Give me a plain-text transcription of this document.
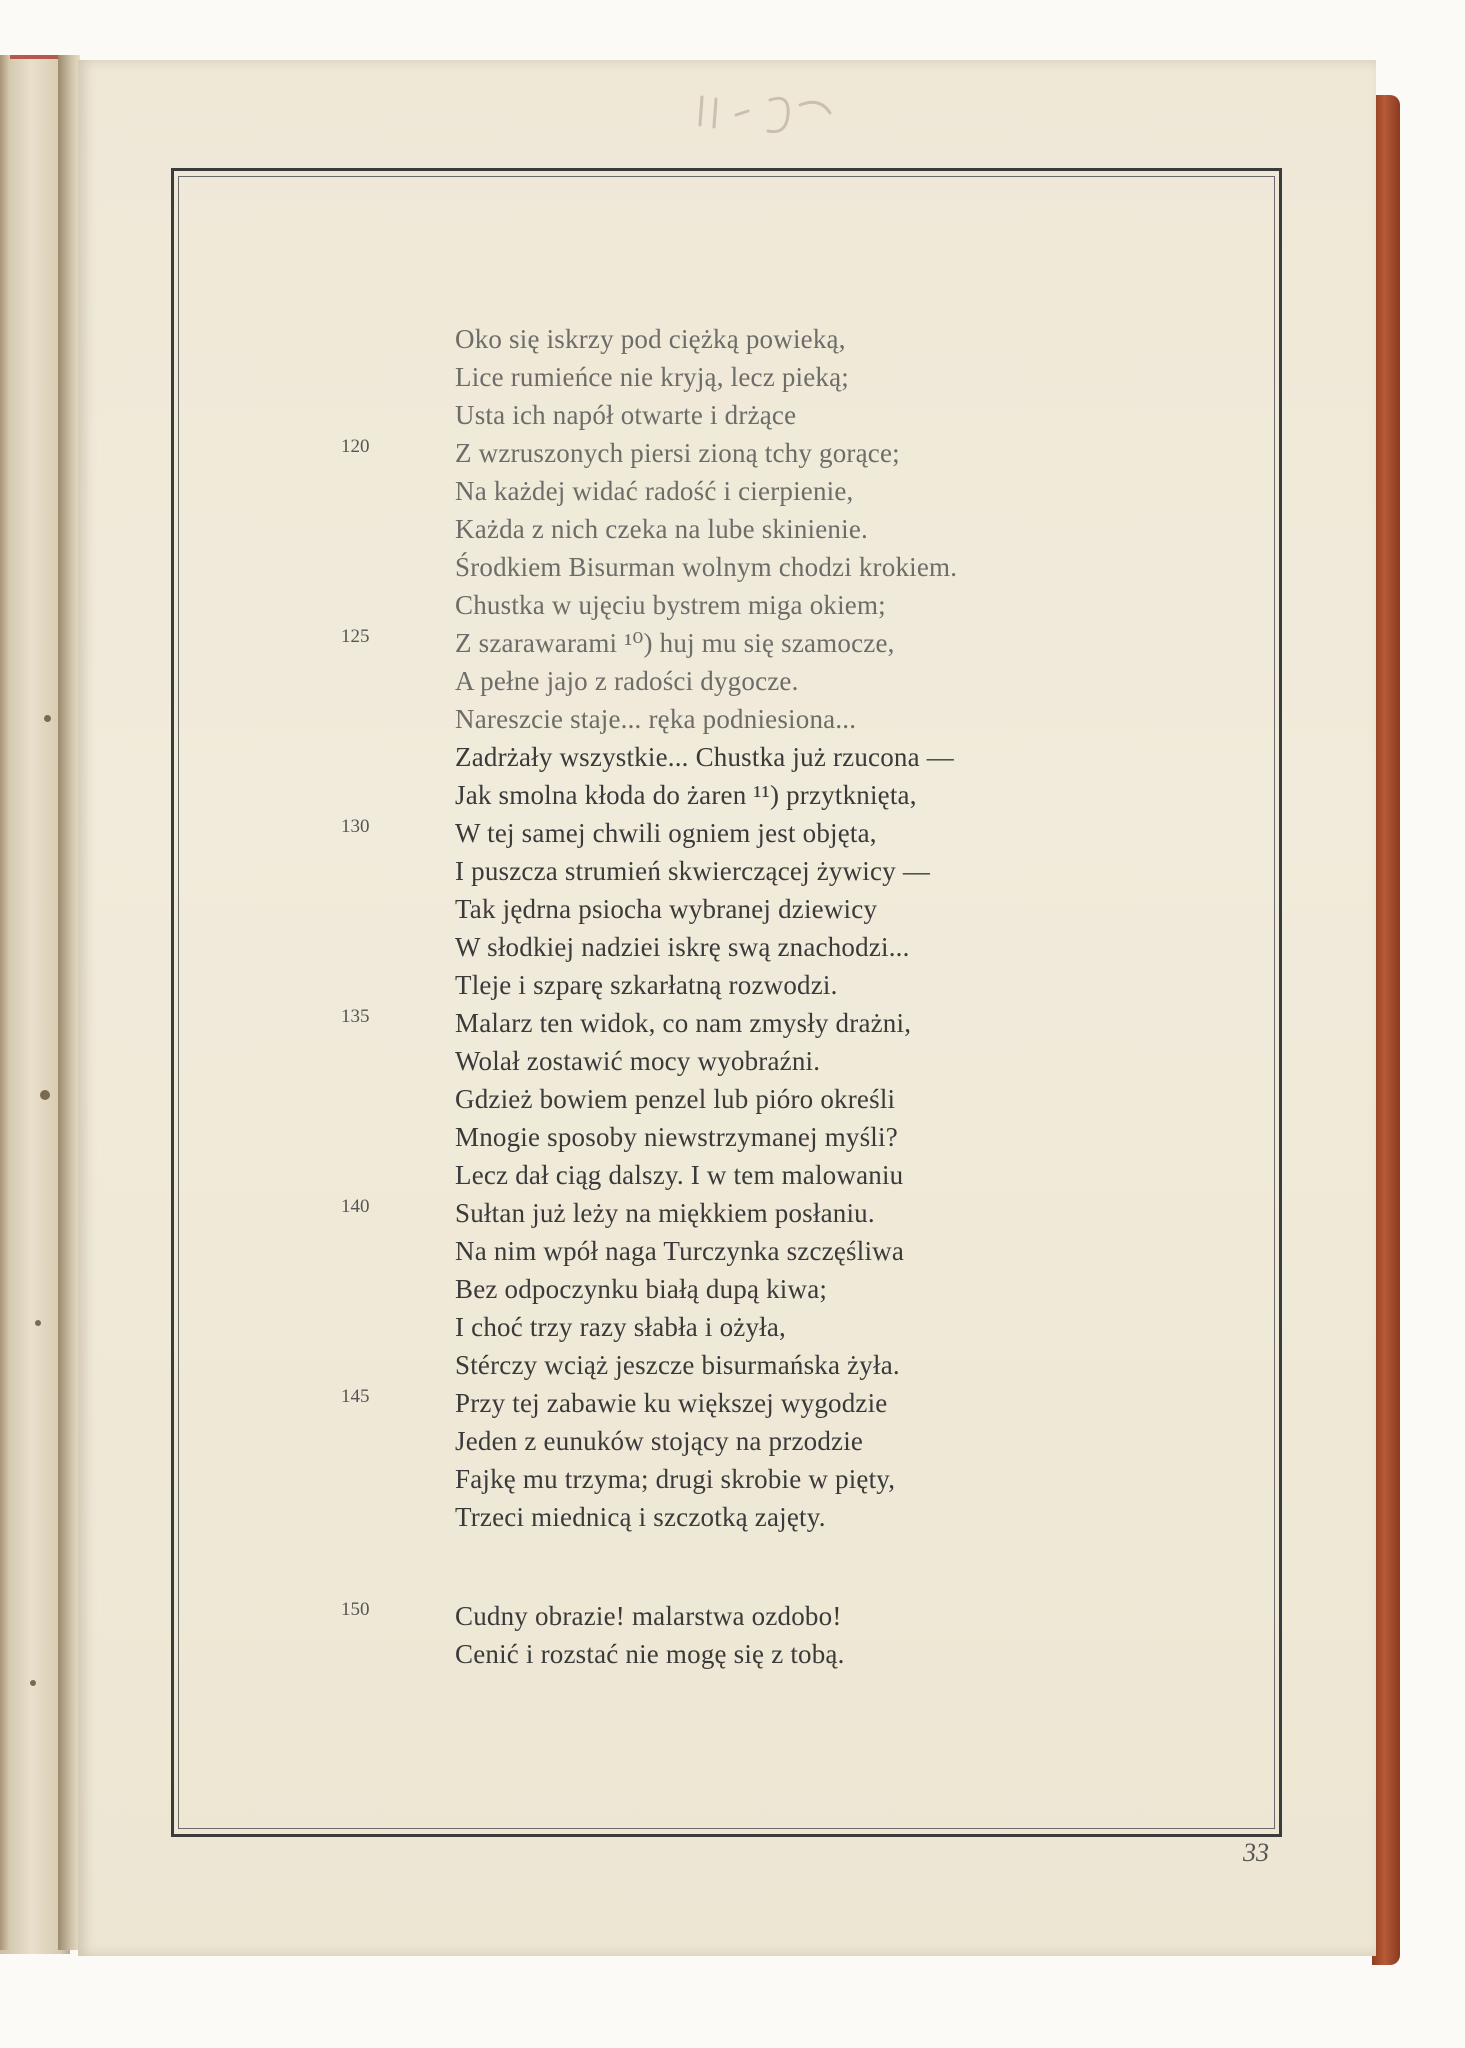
Oko się iskrzy pod ciężką powieką,
Lice rumieńce nie kryją, lecz pieką;
Usta ich napół otwarte i drżące
Z wzruszonych piersi zioną tchy gorące;
Na każdej widać radość i cierpienie,
Każda z nich czeka na lube skinienie.
Środkiem Bisurman wolnym chodzi krokiem.
Chustka w ujęciu bystrem miga okiem;
Z szarawarami ¹⁰) huj mu się szamocze,
A pełne jajo z radości dygocze.
Nareszcie staje... ręka podniesiona...
Zadrżały wszystkie... Chustka już rzucona —
Jak smolna kłoda do żaren ¹¹) przytknięta,
W tej samej chwili ogniem jest objęta,
I puszcza strumień skwierczącej żywicy —
Tak jędrna psiocha wybranej dziewicy
W słodkiej nadziei iskrę swą znachodzi...
Tleje i szparę szkarłatną rozwodzi.
Malarz ten widok, co nam zmysły drażni,
Wolał zostawić mocy wyobraźni.
Gdzież bowiem penzel lub pióro określi
Mnogie sposoby niewstrzymanej myśli?
Lecz dał ciąg dalszy. I w tem malowaniu
Sułtan już leży na miękkiem posłaniu.
Na nim wpół naga Turczynka szczęśliwa
Bez odpoczynku białą dupą kiwa;
I choć trzy razy słabła i ożyła,
Stérczy wciąż jeszcze bisurmańska żyła.
Przy tej zabawie ku większej wygodzie
Jeden z eunuków stojący na przodzie
Fajkę mu trzyma; drugi skrobie w pięty,
Trzeci miednicą i szczotką zajęty.
Cudny obrazie! malarstwa ozdobo!
Cenić i rozstać nie mogę się z tobą.
120
125
130
135
140
145
150
33
